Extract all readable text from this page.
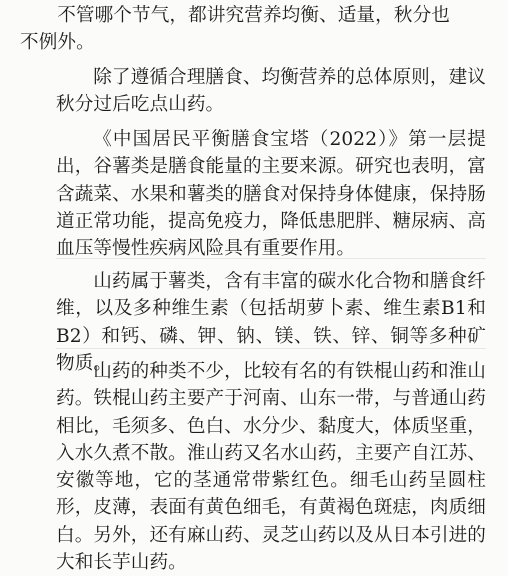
不管哪个节气，都讲究营养均衡、适量，秋分也不例外。

除了遵循合理膳食、均衡营养的总体原则，建议秋分过后吃点山药。

《中国居民平衡膳食宝塔（2022）》第一层提出，谷薯类是膳食能量的主要来源。研究也表明，富含蔬菜、水果和薯类的膳食对保持身体健康，保持肠道正常功能，提高免疫力，降低患肥胖、糖尿病、高血压等慢性疾病风险具有重要作用。

山药属于薯类，含有丰富的碳水化合物和膳食纤维，以及多种维生素（包括胡萝卜素、维生素B1和B2）和钙、磷、钾、钠、镁、铁、锌、铜等多种矿物质。

山药的种类不少，比较有名的有铁棍山药和淮山药。铁棍山药主要产于河南、山东一带，与普通山药相比，毛须多、色白、水分少、黏度大，体质坚重，入水久煮不散。淮山药又名水山药，主要产自江苏、安徽等地，它的茎通常带紫红色。细毛山药呈圆柱形，皮薄，表面有黄色细毛，有黄褐色斑痣，肉质细白。另外，还有麻山药、灵芝山药以及从日本引进的大和长芋山药。
